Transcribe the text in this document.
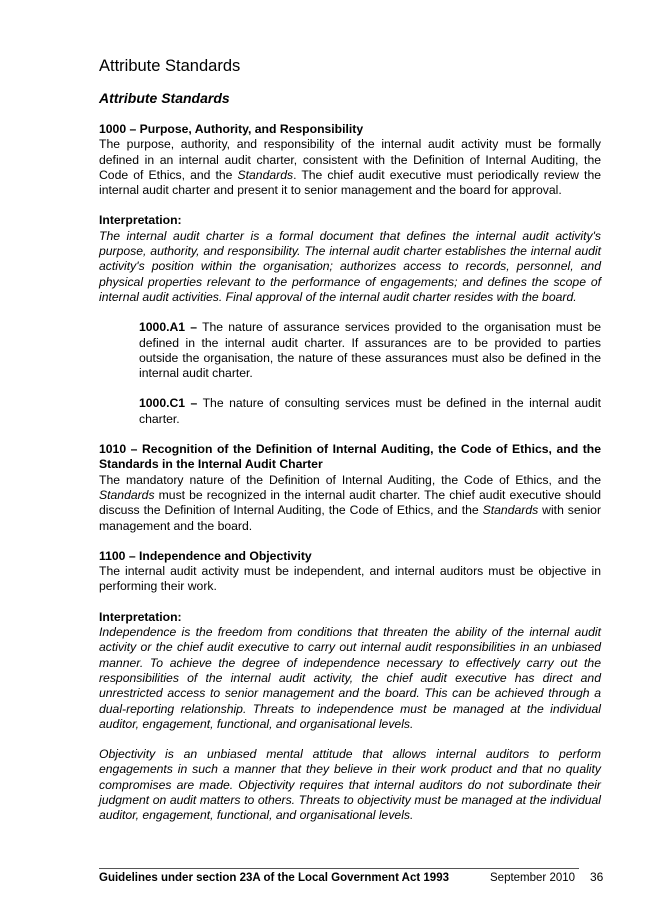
Attribute Standards
Attribute Standards

1000 – Purpose, Authority, and Responsibility

The purpose, authority, and responsibility of the internal audit activity must be formally defined in an internal audit charter, consistent with the Definition of Internal Auditing, the Code of Ethics, and the Standards. The chief audit executive must periodically review the internal audit charter and present it to senior management and the board for approval.

Interpretation:

The internal audit charter is a formal document that defines the internal audit activity's purpose, authority, and responsibility. The internal audit charter establishes the internal audit activity's position within the organisation; authorizes access to records, personnel, and physical properties relevant to the performance of engagements; and defines the scope of internal audit activities. Final approval of the internal audit charter resides with the board.

1000.A1 – The nature of assurance services provided to the organisation must be defined in the internal audit charter. If assurances are to be provided to parties outside the organisation, the nature of these assurances must also be defined in the internal audit charter.

1000.C1 – The nature of consulting services must be defined in the internal audit charter.

1010 – Recognition of the Definition of Internal Auditing, the Code of Ethics, and the Standards in the Internal Audit Charter

The mandatory nature of the Definition of Internal Auditing, the Code of Ethics, and the Standards must be recognized in the internal audit charter. The chief audit executive should discuss the Definition of Internal Auditing, the Code of Ethics, and the Standards with senior management and the board.

1100 – Independence and Objectivity

The internal audit activity must be independent, and internal auditors must be objective in performing their work.

Interpretation:

Independence is the freedom from conditions that threaten the ability of the internal audit activity or the chief audit executive to carry out internal audit responsibilities in an unbiased manner. To achieve the degree of independence necessary to effectively carry out the responsibilities of the internal audit activity, the chief audit executive has direct and unrestricted access to senior management and the board. This can be achieved through a dual-reporting relationship. Threats to independence must be managed at the individual auditor, engagement, functional, and organisational levels.

Objectivity is an unbiased mental attitude that allows internal auditors to perform engagements in such a manner that they believe in their work product and that no quality compromises are made. Objectivity requires that internal auditors do not subordinate their judgment on audit matters to others. Threats to objectivity must be managed at the individual auditor, engagement, functional, and organisational levels.

Guidelines under section 23A of the Local Government Act 1993	September 2010 36
